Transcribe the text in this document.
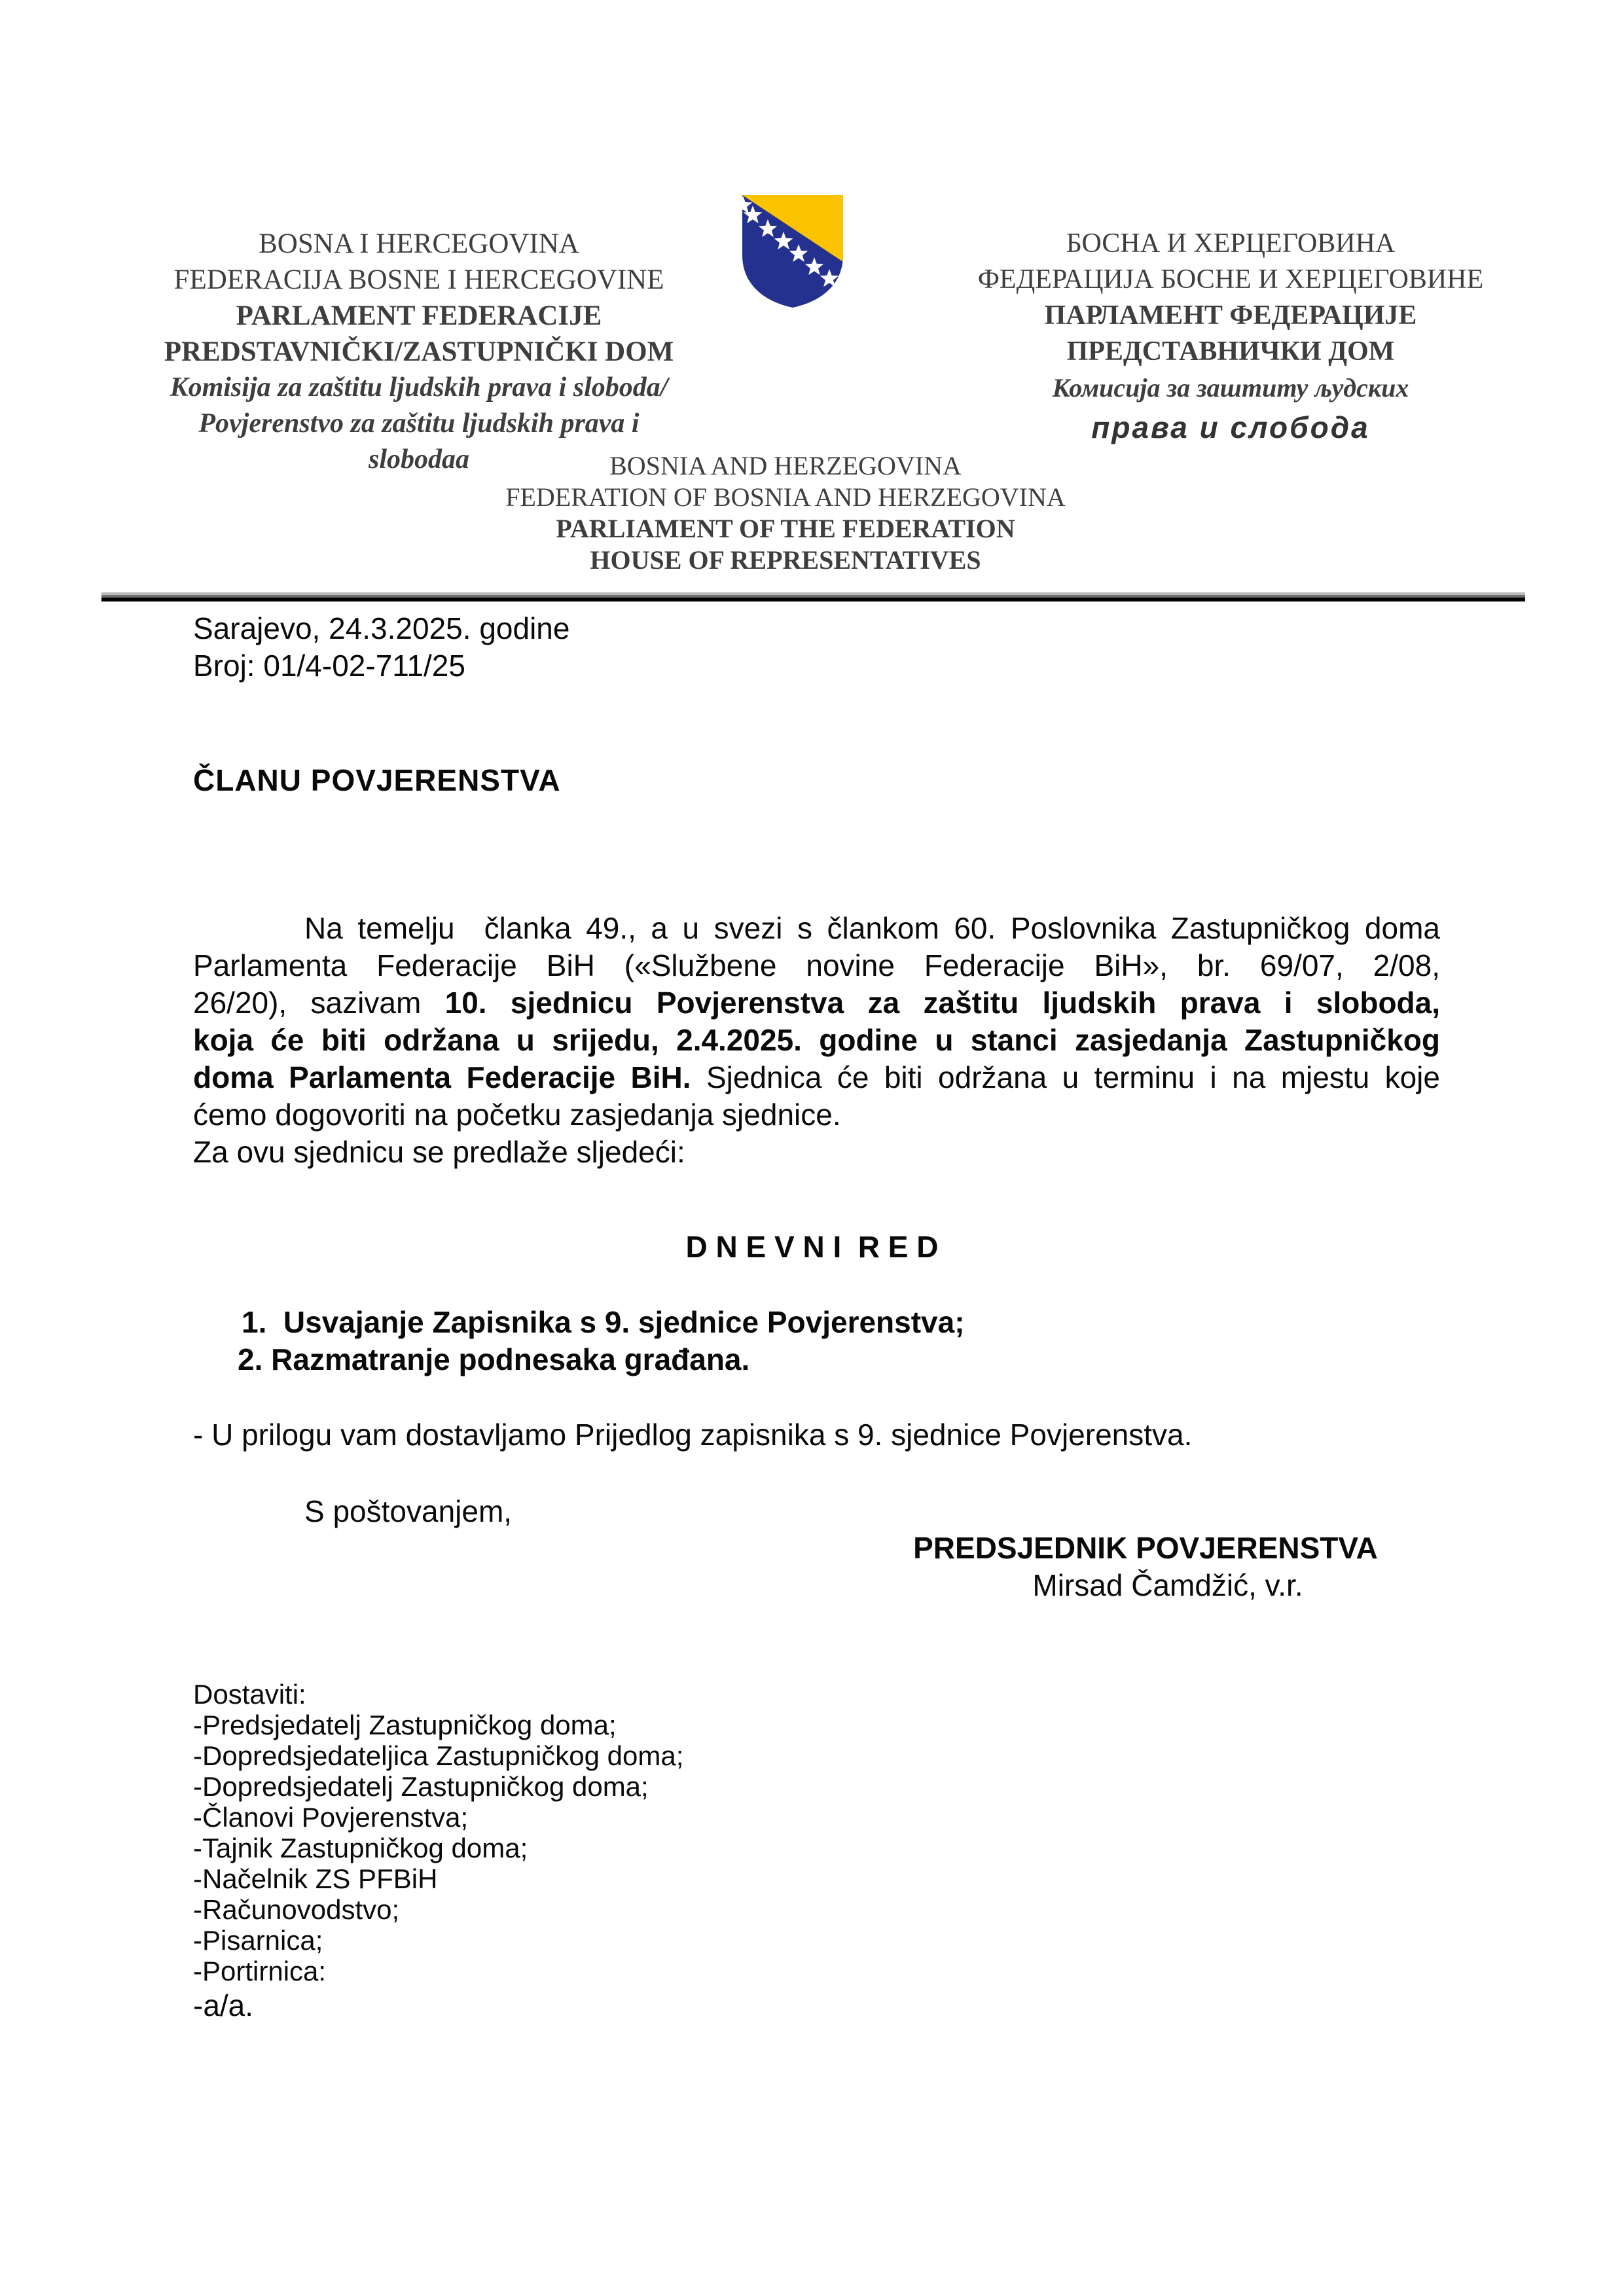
BOSNA I HERCEGOVINA
FEDERACIJA BOSNE I HERCEGOVINE
PARLAMENT FEDERACIJE
PREDSTAVNIČKI/ZASTUPNIČKI DOM
Komisija za zaštitu ljudskih prava i sloboda/
Povjerenstvo za zaštitu ljudskih prava i
slobodaa
БОСНА И ХЕРЦЕГОВИНА
ФЕДЕРАЦИЈА БОСНЕ И ХЕРЦЕГОВИНЕ
ПАРЛАМЕНТ ФЕДЕРАЦИЈЕ
ПРЕДСТАВНИЧКИ ДОМ
Комисија за заштиту људских
права и слобода
BOSNIA AND HERZEGOVINA
FEDERATION OF BOSNIA AND HERZEGOVINA
PARLIAMENT OF THE FEDERATION
HOUSE OF REPRESENTATIVES
Sarajevo, 24.3.2025. godine
Broj: 01/4-02-711/25
ČLANU POVJERENSTVA
Na temelju  članka 49., a u svezi s člankom 60. Poslovnika Zastupničkog doma
Parlamenta Federacije BiH («Službene novine Federacije BiH», br. 69/07, 2/08,
26/20), sazivam 10. sjednicu Povjerenstva za zaštitu ljudskih prava i sloboda,
koja će biti održana u srijedu, 2.4.2025. godine u stanci zasjedanja Zastupničkog
doma Parlamenta Federacije BiH. Sjednica će biti održana u terminu i na mjestu koje
ćemo dogovoriti na početku zasjedanja sjednice.
Za ovu sjednicu se predlaže sljedeći:
D N E V N I  R E D
1.  Usvajanje Zapisnika s 9. sjednice Povjerenstva;
2. Razmatranje podnesaka građana.
- U prilogu vam dostavljamo Prijedlog zapisnika s 9. sjednice Povjerenstva.
S poštovanjem,
PREDSJEDNIK POVJERENSTVA
Mirsad Čamdžić, v.r.
Dostaviti:
-Predsjedatelj Zastupničkog doma;
-Dopredsjedateljica Zastupničkog doma;
-Dopredsjedatelj Zastupničkog doma;
-Članovi Povjerenstva;
-Tajnik Zastupničkog doma;
-Načelnik ZS PFBiH
-Računovodstvo;
-Pisarnica;
-Portirnica:
-a/a.
